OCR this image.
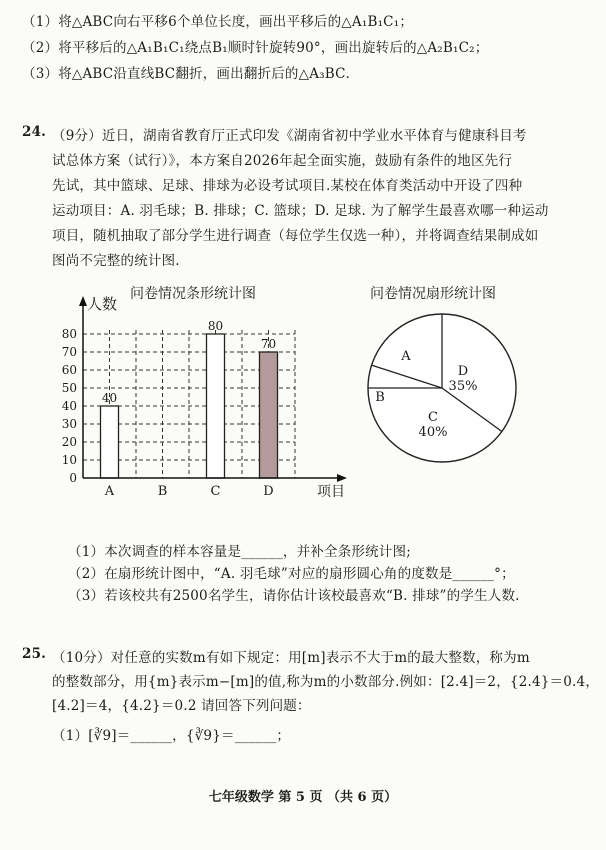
（1）将△ABC向右平移6个单位长度，画出平移后的△A₁B₁C₁；
（2）将平移后的△A₁B₁C₁绕点B₁顺时针旋转90°，画出旋转后的△A₂B₁C₂；
（3）将△ABC沿直线BC翻折，画出翻折后的△A₃BC．
24. （9分）近日，湖南省教育厅正式印发《湖南省初中学业水平体育与健康科目考
试总体方案（试行）》，本方案自2026年起全面实施，鼓励有条件的地区先行
先试，其中篮球、足球、排球为必设考试项目.某校在体育类活动中开设了四种
运动项目：A. 羽毛球；B. 排球；C. 篮球；D. 足球. 为了解学生最喜欢哪一种运动
项目，随机抽取了部分学生进行调查（每位学生仅选一种），并将调查结果制成如
图尚不完整的统计图.
问卷情况条形统计图	问卷情况扇形统计图
0
10
20
30
40
50
60
70
80
40
A	B
80
C
70
D
人数
项目
A
B
C
40%
D
35%
（1）本次调查的样本容量是______，并补全条形统计图;
（2）在扇形统计图中，“A. 羽毛球”对应的扇形圆心角的度数是______°；
（3）若该校共有2500名学生，请你估计该校最喜欢“B. 排球”的学生人数.
25. （10分）对任意的实数m有如下规定：用[m]表示不大于m的最大整数，称为m
的整数部分，用{m}表示m−[m]的值,称为m的小数部分.例如：[2.4]＝2，{2.4}＝0.4，
[4.2]＝4，{4.2}＝0.2 请回答下列问题：
（1）[∛9]＝______，{∛9}＝______；
七年级数学 第 5 页 （共 6 页）
